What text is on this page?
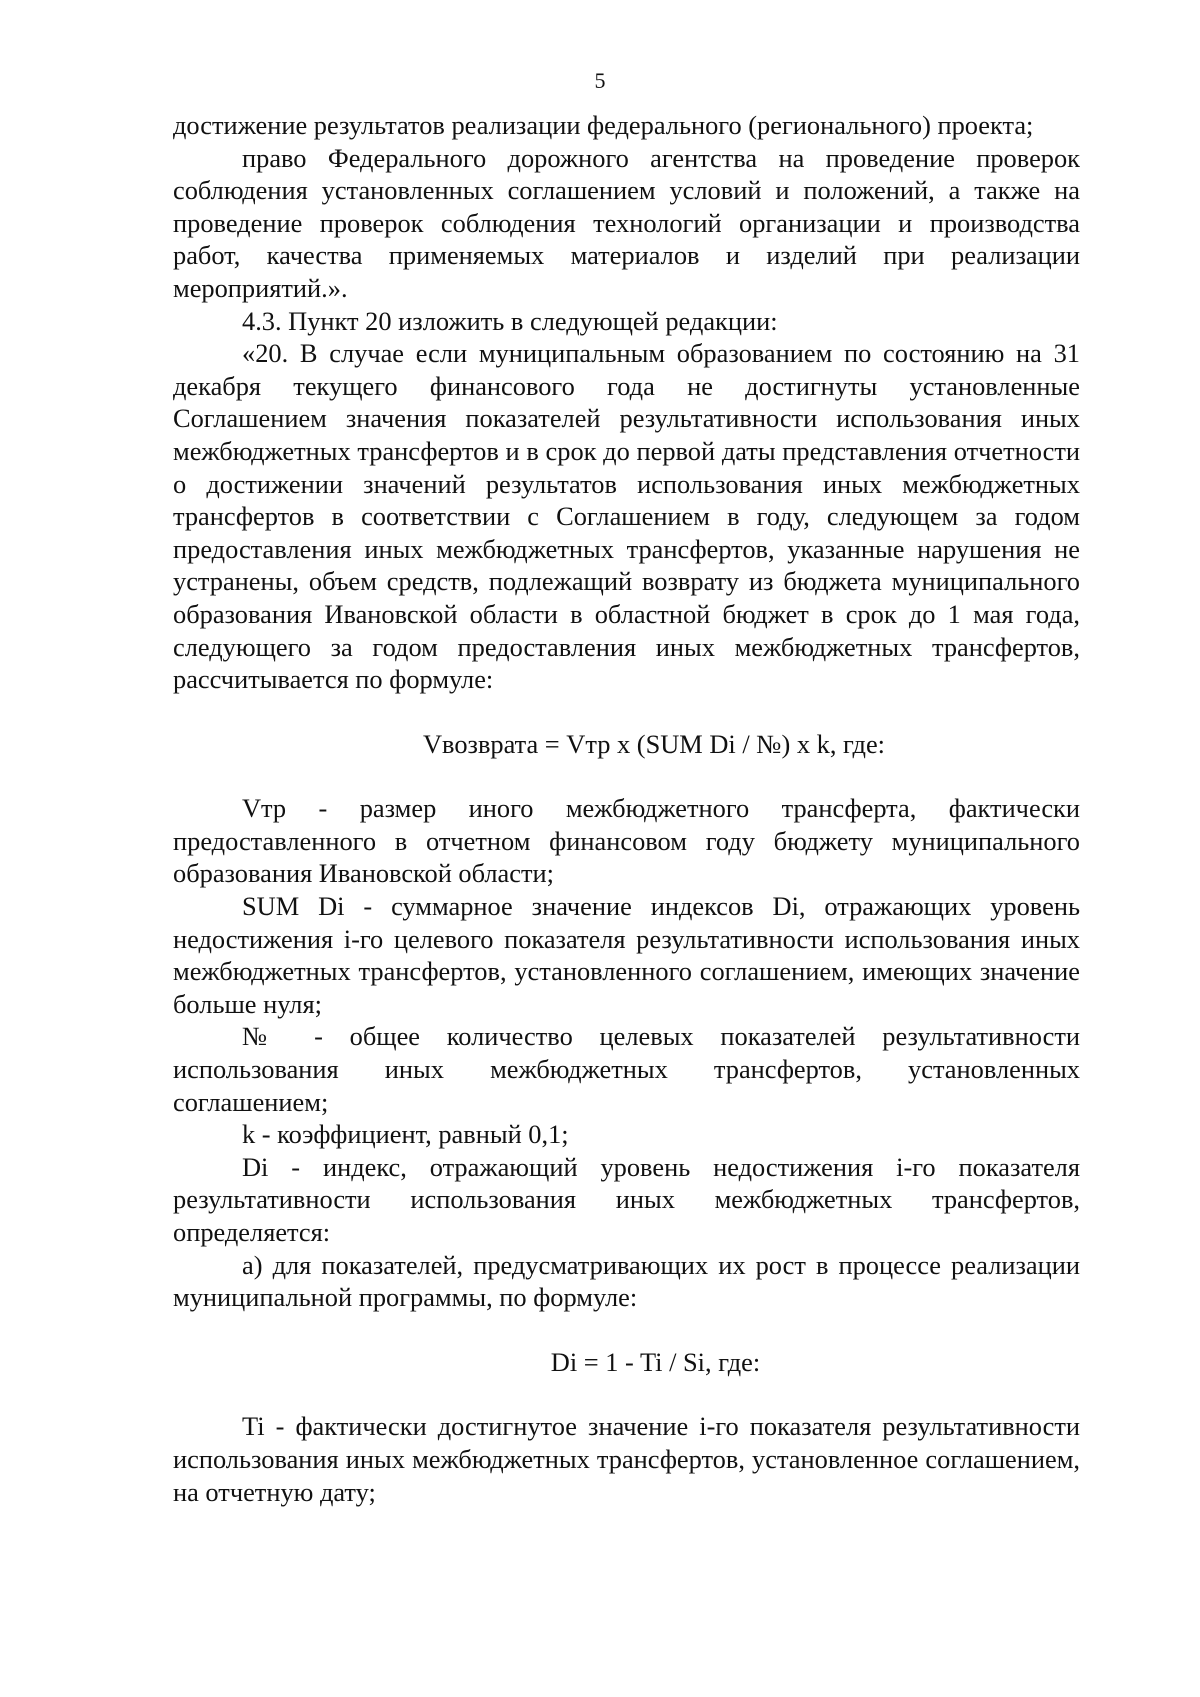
5

достижение результатов реализации федерального (регионального) проекта;

право Федерального дорожного агентства на проведение проверок соблюдения установленных соглашением условий и положений, а также на проведение проверок соблюдения технологий организации и производства работ, качества применяемых материалов и изделий при реализации мероприятий.».

4.3. Пункт 20 изложить в следующей редакции:

«20. В случае если муниципальным образованием по состоянию на 31 декабря текущего финансового года не достигнуты установленные Соглашением значения показателей результативности использования иных межбюджетных трансфертов и в срок до первой даты представления отчетности о достижении значений результатов использования иных межбюджетных трансфертов в соответствии с Соглашением в году, следующем за годом предоставления иных межбюджетных трансфертов, указанные нарушения не устранены, объем средств, подлежащий возврату из бюджета муниципального образования Ивановской области в областной бюджет в срок до 1 мая года, следующего за годом предоставления иных межбюджетных трансфертов, рассчитывается по формуле:

Vвозврата = Vтр x (SUM Di / №) x k, где:

Vтр - размер иного межбюджетного трансферта, фактически предоставленного в отчетном финансовом году бюджету муниципального образования Ивановской области;

SUM Di - суммарное значение индексов Di, отражающих уровень недостижения i-го целевого показателя результативности использования иных межбюджетных трансфертов, установленного соглашением, имеющих значение больше нуля;

№ - общее количество целевых показателей результативности использования иных межбюджетных трансфертов, установленных соглашением;

k - коэффициент, равный 0,1;

Di - индекс, отражающий уровень недостижения i-го показателя результативности использования иных межбюджетных трансфертов, определяется:

а) для показателей, предусматривающих их рост в процессе реализации муниципальной программы, по формуле:

Di = 1 - Ti / Si, где:

Ti - фактически достигнутое значение i-го показателя результативности использования иных межбюджетных трансфертов, установленное соглашением, на отчетную дату;
